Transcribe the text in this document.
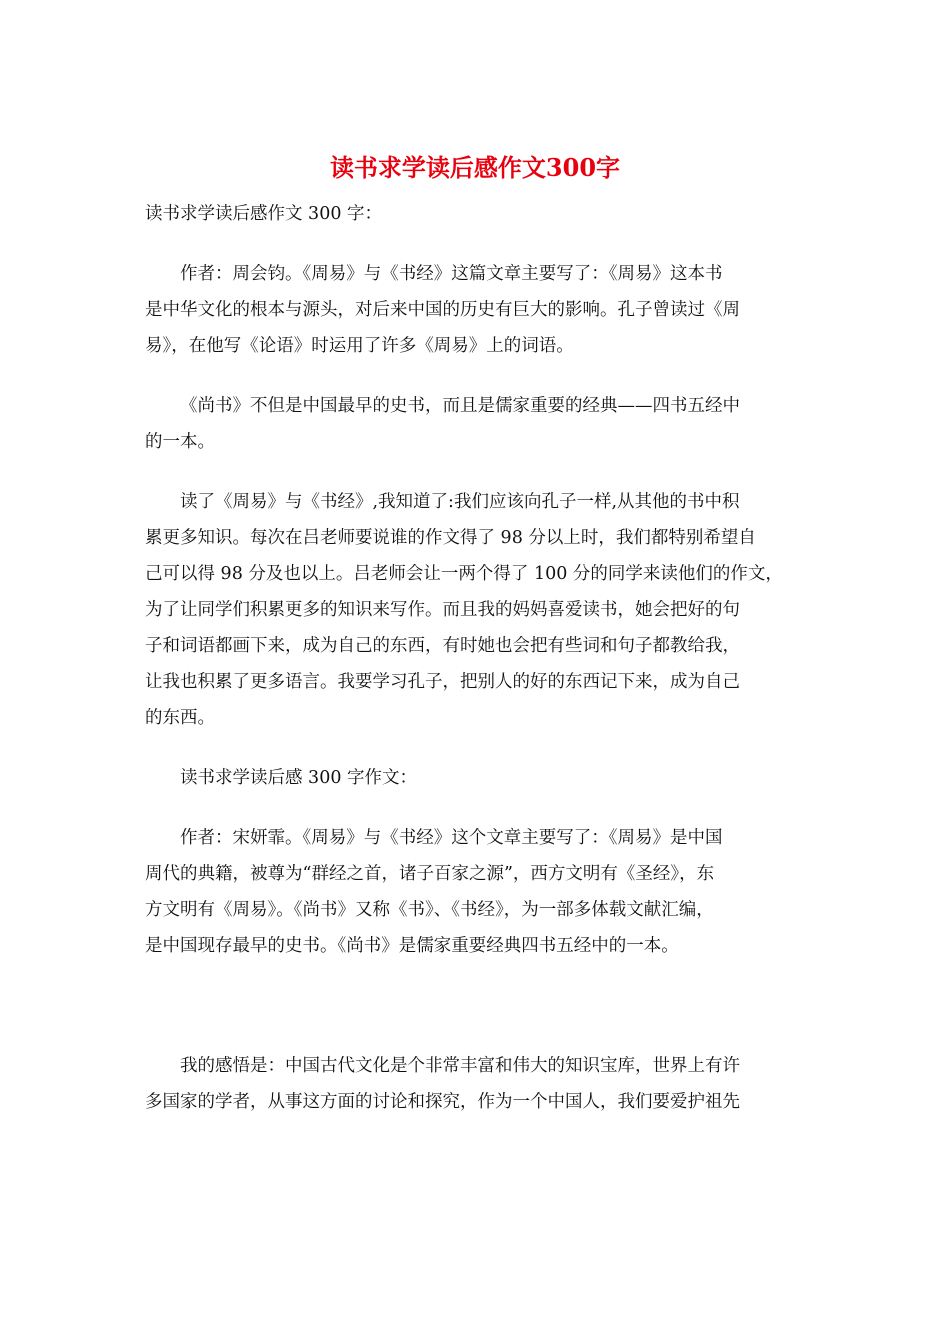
读书求学读后感作文300字

读书求学读后感作文 300 字：

作者：周会钧。《周易》与《书经》这篇文章主要写了：《周易》这本书
是中华文化的根本与源头，对后来中国的历史有巨大的影响。孔子曾读过《周
易》，在他写《论语》时运用了许多《周易》上的词语。

《尚书》不但是中国最早的史书，而且是儒家重要的经典——四书五经中
的一本。

读了《周易》与《书经》,我知道了:我们应该向孔子一样,从其他的书中积
累更多知识。每次在吕老师要说谁的作文得了 98 分以上时，我们都特别希望自
己可以得 98 分及也以上。吕老师会让一两个得了 100 分的同学来读他们的作文，
为了让同学们积累更多的知识来写作。而且我的妈妈喜爱读书，她会把好的句
子和词语都画下来，成为自己的东西，有时她也会把有些词和句子都教给我，
让我也积累了更多语言。我要学习孔子，把别人的好的东西记下来，成为自己
的东西。

读书求学读后感 300 字作文：

作者：宋妍霏。《周易》与《书经》这个文章主要写了：《周易》是中国
周代的典籍，被尊为“群经之首，诸子百家之源”，西方文明有《圣经》，东
方文明有《周易》。《尚书》又称《书》、《书经》，为一部多体载文献汇编，
是中国现存最早的史书。《尚书》是儒家重要经典四书五经中的一本。

我的感悟是：中国古代文化是个非常丰富和伟大的知识宝库，世界上有许
多国家的学者，从事这方面的讨论和探究，作为一个中国人，我们要爱护祖先
